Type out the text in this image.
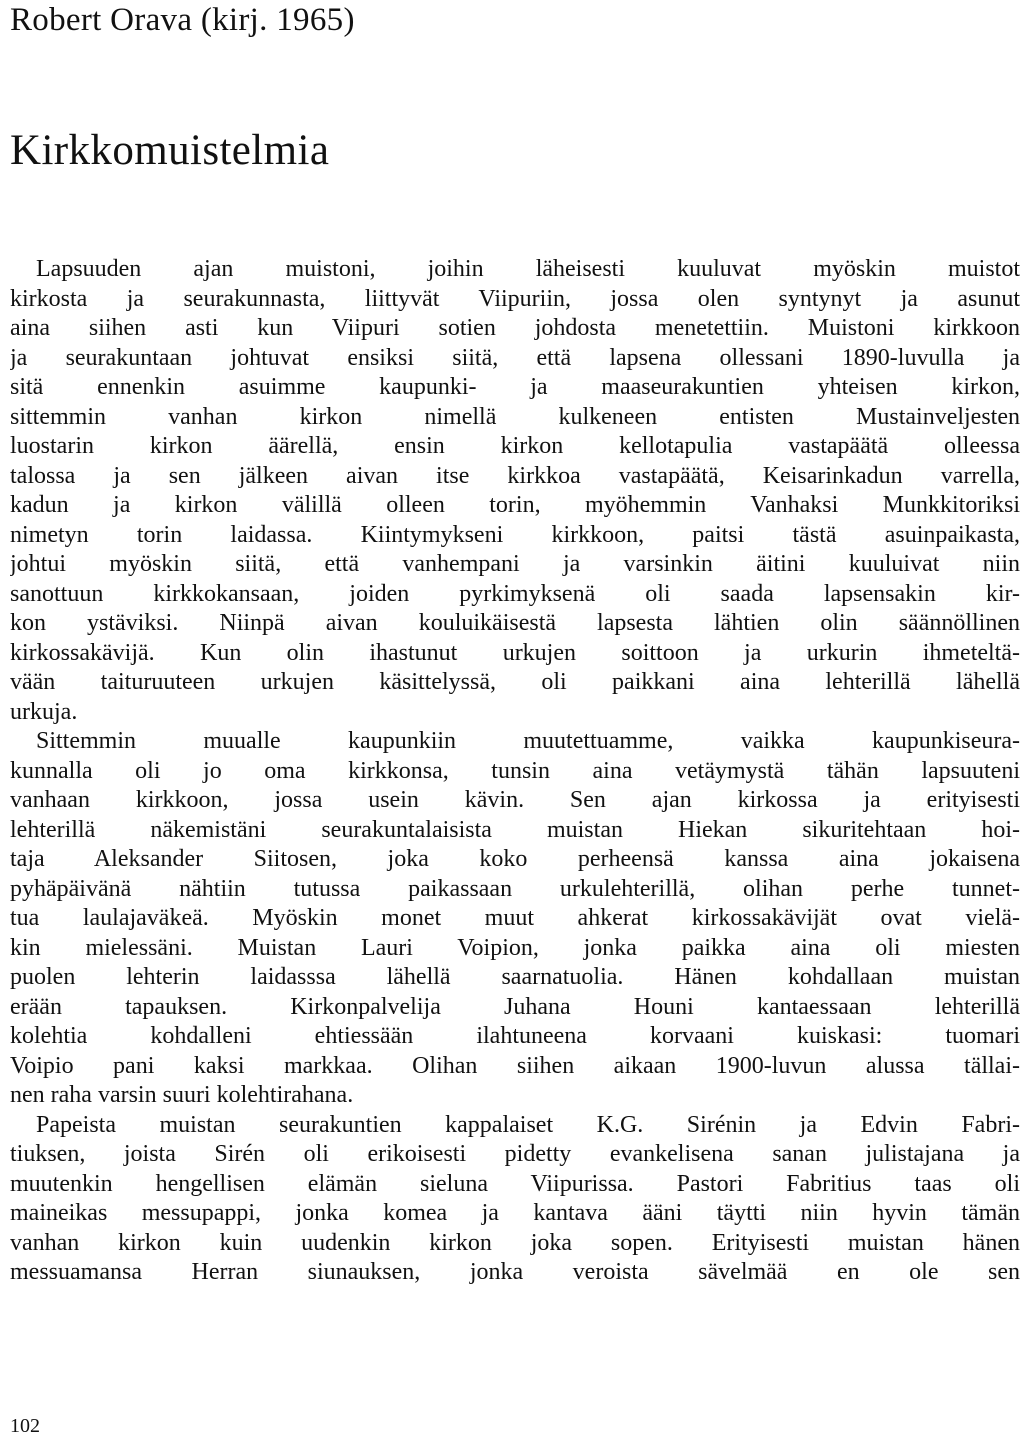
Robert Orava (kirj. 1965)
Kirkkomuistelmia
Lapsuuden ajan muistoni, joihin läheisesti kuuluvat myöskin muistot
kirkosta ja seurakunnasta, liittyvät Viipuriin, jossa olen syntynyt ja asunut
aina siihen asti kun Viipuri sotien johdosta menetettiin. Muistoni kirkkoon
ja seurakuntaan johtuvat ensiksi siitä, että lapsena ollessani 1890-luvulla ja
sitä ennenkin asuimme kaupunki- ja maaseurakuntien yhteisen kirkon,
sittemmin vanhan kirkon nimellä kulkeneen entisten Mustainveljesten
luostarin kirkon äärellä, ensin kirkon kellotapulia vastapäätä olleessa
talossa ja sen jälkeen aivan itse kirkkoa vastapäätä, Keisarinkadun varrella,
kadun ja kirkon välillä olleen torin, myöhemmin Vanhaksi Munkkitoriksi
nimetyn torin laidassa. Kiintymykseni kirkkoon, paitsi tästä asuinpaikasta,
johtui myöskin siitä, että vanhempani ja varsinkin äitini kuuluivat niin
sanottuun kirkkokansaan, joiden pyrkimyksenä oli saada lapsensakin kir-
kon ystäviksi. Niinpä aivan kouluikäisestä lapsesta lähtien olin säännöllinen
kirkossakävijä. Kun olin ihastunut urkujen soittoon ja urkurin ihmeteltä-
vään taituruuteen urkujen käsittelyssä, oli paikkani aina lehterillä lähellä
urkuja.
Sittemmin muualle kaupunkiin muutettuamme, vaikka kaupunkiseura-
kunnalla oli jo oma kirkkonsa, tunsin aina vetäymystä tähän lapsuuteni
vanhaan kirkkoon, jossa usein kävin. Sen ajan kirkossa ja erityisesti
lehterillä näkemistäni seurakuntalaisista muistan Hiekan sikuritehtaan hoi-
taja Aleksander Siitosen, joka koko perheensä kanssa aina jokaisena
pyhäpäivänä nähtiin tutussa paikassaan urkulehterillä, olihan perhe tunnet-
tua laulajaväkeä. Myöskin monet muut ahkerat kirkossakävijät ovat vielä-
kin mielessäni. Muistan Lauri Voipion, jonka paikka aina oli miesten
puolen lehterin laidasssa lähellä saarnatuolia. Hänen kohdallaan muistan
erään tapauksen. Kirkonpalvelija Juhana Houni kantaessaan lehterillä
kolehtia kohdalleni ehtiessään ilahtuneena korvaani kuiskasi: tuomari
Voipio pani kaksi markkaa. Olihan siihen aikaan 1900-luvun alussa tällai-
nen raha varsin suuri kolehtirahana.
Papeista muistan seurakuntien kappalaiset K.G. Sirénin ja Edvin Fabri-
tiuksen, joista Sirén oli erikoisesti pidetty evankelisena sanan julistajana ja
muutenkin hengellisen elämän sieluna Viipurissa. Pastori Fabritius taas oli
maineikas messupappi, jonka komea ja kantava ääni täytti niin hyvin tämän
vanhan kirkon kuin uudenkin kirkon joka sopen. Erityisesti muistan hänen
messuamansa Herran siunauksen, jonka veroista sävelmää en ole sen
102
